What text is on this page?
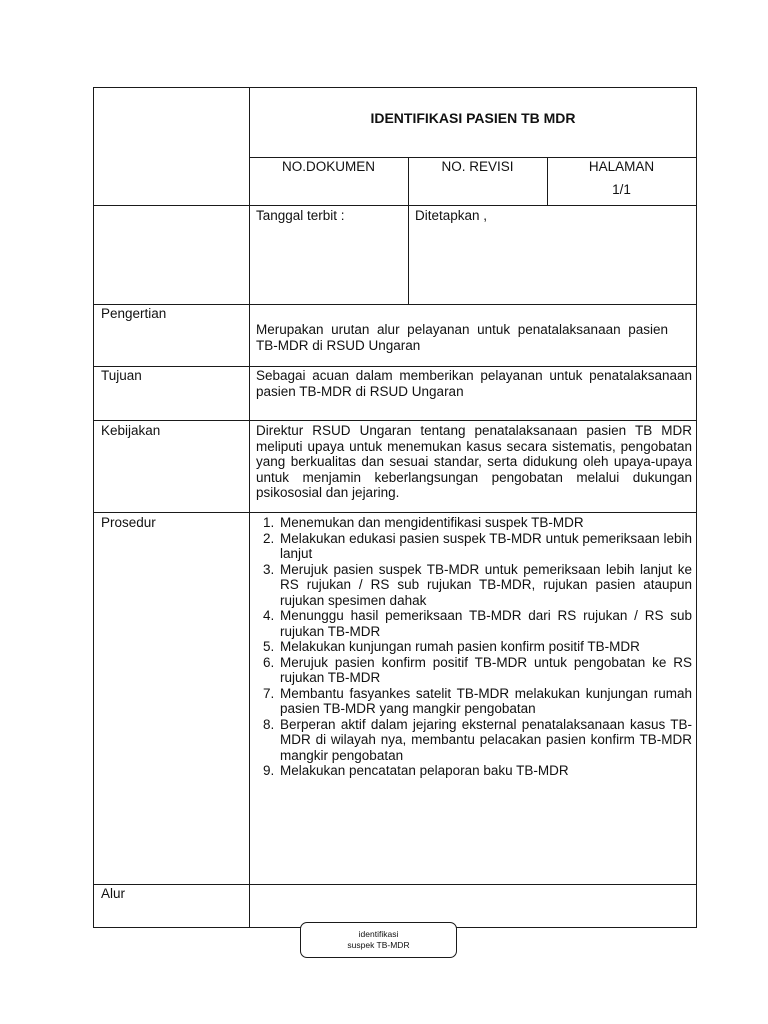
IDENTIFIKASI PASIEN TB MDR
NO.DOKUMEN	NO. REVISI	HALAMAN
1/1
Tanggal terbit :	Ditetapkan ,
Pengertian
Merupakan urutan alur pelayanan untuk penatalaksanaan pasien TB-MDR di RSUD Ungaran
Tujuan	Sebagai acuan dalam memberikan pelayanan untuk penatalaksanaan pasien TB-MDR di RSUD Ungaran
Kebijakan	Direktur RSUD Ungaran tentang penatalaksanaan pasien TB MDR meliputi upaya untuk menemukan kasus secara sistematis, pengobatan yang berkualitas dan sesuai standar, serta didukung oleh upaya-upaya untuk menjamin keberlangsungan pengobatan melalui dukungan psikososial dan jejaring.
Prosedur
1.	Menemukan dan mengidentifikasi suspek TB-MDR
2. Melakukan edukasi pasien suspek TB-MDR untuk pemeriksaan lebih lanjut
3. Merujuk pasien suspek TB-MDR untuk pemeriksaan lebih lanjut ke RS rujukan / RS sub rujukan TB-MDR, rujukan pasien ataupun rujukan spesimen dahak
4. Menunggu hasil pemeriksaan TB-MDR dari RS rujukan / RS sub rujukan TB-MDR
5. Melakukan kunjungan rumah pasien konfirm positif TB-MDR
6. Merujuk pasien konfirm positif TB-MDR untuk pengobatan ke RS rujukan TB-MDR
7. Membantu fasyankes satelit TB-MDR melakukan kunjungan rumah pasien TB-MDR yang mangkir pengobatan
8. Berperan aktif dalam jejaring eksternal penatalaksanaan kasus TB-MDR di wilayah nya, membantu pelacakan pasien konfirm TB-MDR mangkir pengobatan
9. Melakukan pencatatan pelaporan baku TB-MDR
Alur
identifikasi
suspek TB-MDR
